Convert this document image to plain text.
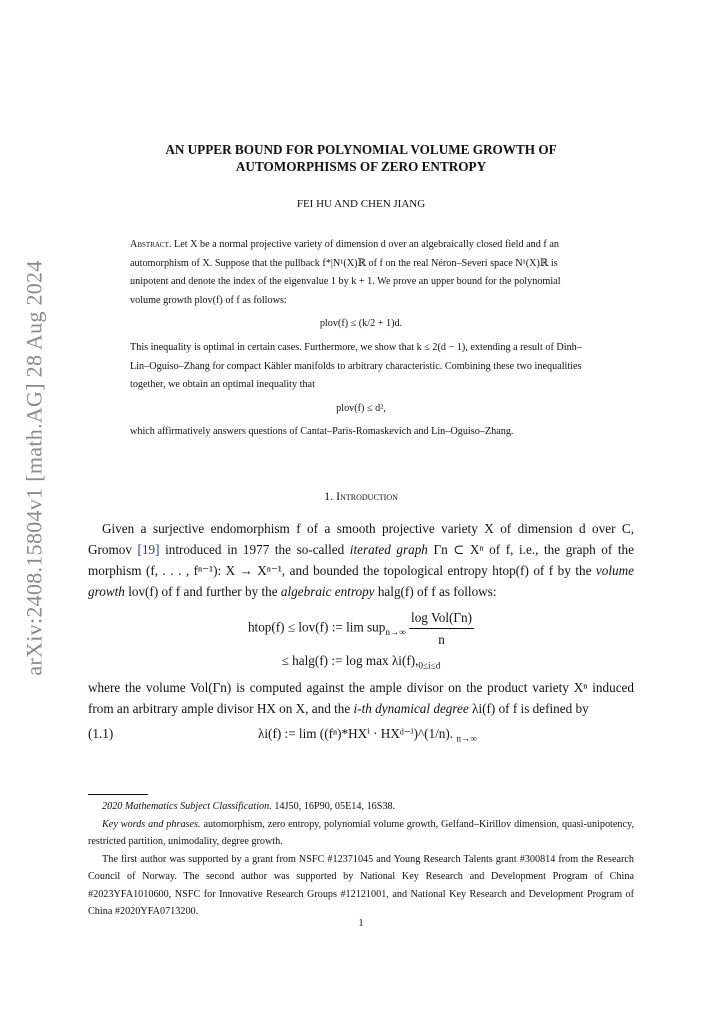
arXiv:2408.15804v1 [math.AG] 28 Aug 2024
AN UPPER BOUND FOR POLYNOMIAL VOLUME GROWTH OF
AUTOMORPHISMS OF ZERO ENTROPY
FEI HU AND CHEN JIANG

Abstract. Let X be a normal projective variety of dimension d over an algebraically closed field and f an automorphism of X. Suppose that the pullback f*|N¹(X)ℝ of f on the real Néron–Severi space N¹(X)ℝ is unipotent and denote the index of the eigenvalue 1 by k + 1. We prove an upper bound for the polynomial volume growth plov(f) of f as follows:

plov(f) ≤ (k/2 + 1)d.

This inequality is optimal in certain cases. Furthermore, we show that k ≤ 2(d − 1), extending a result of Dinh–Lin–Oguiso–Zhang for compact Kähler manifolds to arbitrary characteristic. Combining these two inequalities together, we obtain an optimal inequality that

plov(f) ≤ d²,

which affirmatively answers questions of Cantat–Paris-Romaskevich and Lin–Oguiso–Zhang.

1. Introduction

Given a surjective endomorphism f of a smooth projective variety X of dimension d over C, Gromov [19] introduced in 1977 the so-called iterated graph Γn ⊂ Xⁿ of f, i.e., the graph of the morphism (f, . . . , fⁿ⁻¹): X → Xⁿ⁻¹, and bounded the topological entropy htop(f) of f by the volume growth lov(f) of f and further by the algebraic entropy halg(f) of f as follows:

htop(f) ≤ lov(f) := $\lim sup_{n\to\infty} \frac{\text{log Vol(Γn)}}{n}$
≤ halg(f) := $\log \max \lambda i(f),_{0\le i\le d}$

where the volume Vol(Γn) is computed against the ample divisor on the product variety Xⁿ induced from an arbitrary ample divisor HX on X, and the i-th dynamical degree λi(f) of f is defined by

(1.1)	λi(f) := lim ((fⁿ)*HXⁱ · HXᵈ⁻ⁱ)^(1/n). $_{n\to\infty}$

2020 Mathematics Subject Classification. 14J50, 16P90, 05E14, 16S38.

Key words and phrases. automorphism, zero entropy, polynomial volume growth, Gelfand–Kirillov dimension, quasi-unipotency, restricted partition, unimodality, degree growth.

The first author was supported by a grant from NSFC #12371045 and Young Research Talents grant #300814 from the Research Council of Norway. The second author was supported by National Key Research and Development Program of China #2023YFA1010600, NSFC for Innovative Research Groups #12121001, and National Key Research and Development Program of China #2020YFA0713200.

1
